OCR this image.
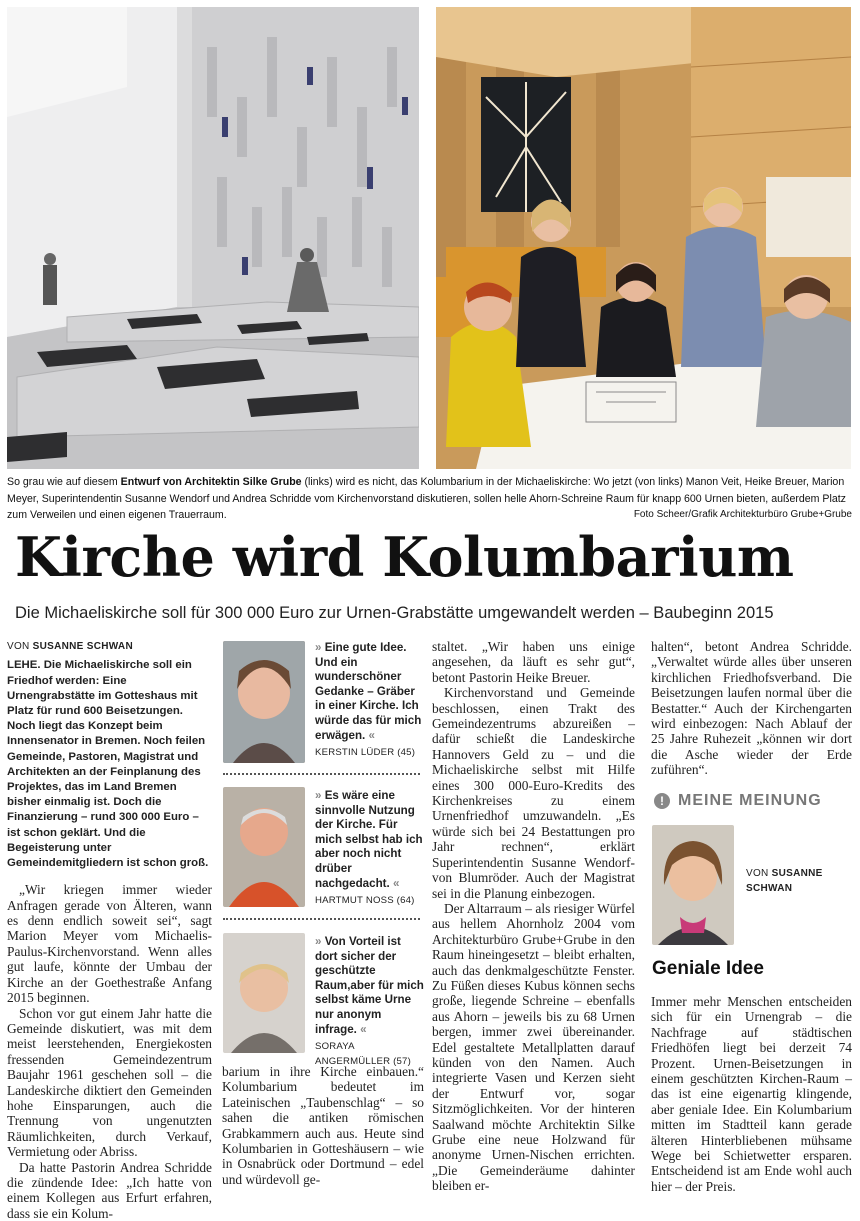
So grau wie auf diesem Entwurf von Architektin Silke Grube (links) wird es nicht, das Kolumbarium in der Michaeliskirche: Wo jetzt (von links) Manon Veit, Heike Breuer, Marion Meyer, Superintendentin Susanne Wendorf und Andrea Schridde vom Kirchenvorstand diskutieren, sollen helle Ahorn-Schreine Raum für knapp 600 Urnen bieten, außerdem Platz zum Verweilen und einen eigenen Trauerraum.	Foto Scheer/Grafik Architekturbüro Grube+Grube
Kirche wird Kolumbarium
Die Michaeliskirche soll für 300 000 Euro zur Urnen-Grabstätte umgewandelt werden – Baubeginn 2015
VON SUSANNE SCHWAN

LEHE. Die Michaeliskirche soll ein Friedhof werden: Eine Urnengrabstätte im Gotteshaus mit Platz für rund 600 Beisetzungen. Noch liegt das Konzept beim Innensenator in Bremen. Noch feilen Gemeinde, Pastoren, Magistrat und Architekten an der Feinplanung des Projektes, das im Land Bremen bisher einmalig ist. Doch die Finanzierung – rund 300 000 Euro – ist schon geklärt. Und die Begeisterung unter Gemeindemitgliedern ist schon groß.

„Wir kriegen immer wieder Anfragen gerade von Älteren, wann es denn endlich soweit sei“, sagt Marion Meyer vom Michaelis-Paulus-Kirchenvorstand. Wenn alles gut laufe, könnte der Umbau der Kirche an der Goethestraße Anfang 2015 beginnen.

Schon vor gut einem Jahr hatte die Gemeinde diskutiert, was mit dem meist leerstehenden, Energiekosten fressenden Gemeindezentrum Baujahr 1961 geschehen soll – die Landeskirche diktiert den Gemeinden hohe Einsparungen, auch die Trennung von ungenutzten Räumlichkeiten, durch Verkauf, Vermietung oder Abriss.

Da hatte Pastorin Andrea Schridde die zündende Idee: „Ich hatte von einem Kollegen aus Erfurt erfahren, dass sie ein Kolum-

» Eine gute Idee. Und ein wunderschöner Gedanke – Gräber in einer Kirche. Ich würde das für mich erwägen. «
KERSTIN LÜDER (45)
» Es wäre eine sinnvolle Nutzung der Kirche. Für mich selbst hab ich aber noch nicht drüber nachgedacht. «
HARTMUT NOSS (64)
» Von Vorteil ist dort sicher der geschützte Raum,aber für mich selbst käme Urne nur anonym infrage. «
SORAYA ANGERMÜLLER (57)

barium in ihre Kirche einbauen.“ Kolumbarium bedeutet im Lateinischen „Taubenschlag“ – so sahen die antiken römischen Grabkammern auch aus. Heute sind Kolumbarien in Gotteshäusern – wie in Osnabrück oder Dortmund – edel und würdevoll ge-

staltet. „Wir haben uns einige angesehen, da läuft es sehr gut“, betont Pastorin Heike Breuer.

Kirchenvorstand und Gemeinde beschlossen, einen Trakt des Gemeindezentrums abzureißen – dafür schießt die Landeskirche Hannovers Geld zu – und die Michaeliskirche selbst mit Hilfe eines 300 000-Euro-Kredits des Kirchenkreises zu einem Urnenfriedhof umzuwandeln. „Es würde sich bei 24 Bestattungen pro Jahr rechnen“, erklärt Superintendentin Susanne Wendorf-von Blumröder. Auch der Magistrat sei in die Planung einbezogen.

Der Altarraum – als riesiger Würfel aus hellem Ahornholz 2004 vom Architekturbüro Grube+Grube in den Raum hineingesetzt – bleibt erhalten, auch das denkmalgeschützte Fenster. Zu Füßen dieses Kubus können sechs große, liegende Schreine – ebenfalls aus Ahorn – jeweils bis zu 68 Urnen bergen, immer zwei übereinander. Edel gestaltete Metallplatten darauf künden von den Namen. Auch integrierte Vasen und Kerzen sieht der Entwurf vor, sogar Sitzmöglichkeiten. Vor der hinteren Saalwand möchte Architektin Silke Grube eine neue Holzwand für anonyme Urnen-Nischen errichten. „Die Gemeinderäume dahinter bleiben er-

halten“, betont Andrea Schridde. „Verwaltet würde alles über unseren kirchlichen Friedhofsverband. Die Beisetzungen laufen normal über die Bestatter.“ Auch der Kirchengarten wird einbezogen: Nach Ablauf der 25 Jahre Ruhezeit „können wir dort die Asche wieder der Erde zuführen“.

! MEINE MEINUNG
VON SUSANNE
SCHWAN
Geniale Idee

Immer mehr Menschen entscheiden sich für ein Urnengrab – die Nachfrage auf städtischen Friedhöfen liegt bei derzeit 74 Prozent. Urnen-Beisetzungen in einem geschützten Kirchen-Raum – das ist eine eigenartig klingende, aber geniale Idee. Ein Kolumbarium mitten im Stadtteil kann gerade älteren Hinterbliebenen mühsame Wege bei Schietwetter ersparen. Entscheidend ist am Ende wohl auch hier – der Preis.
